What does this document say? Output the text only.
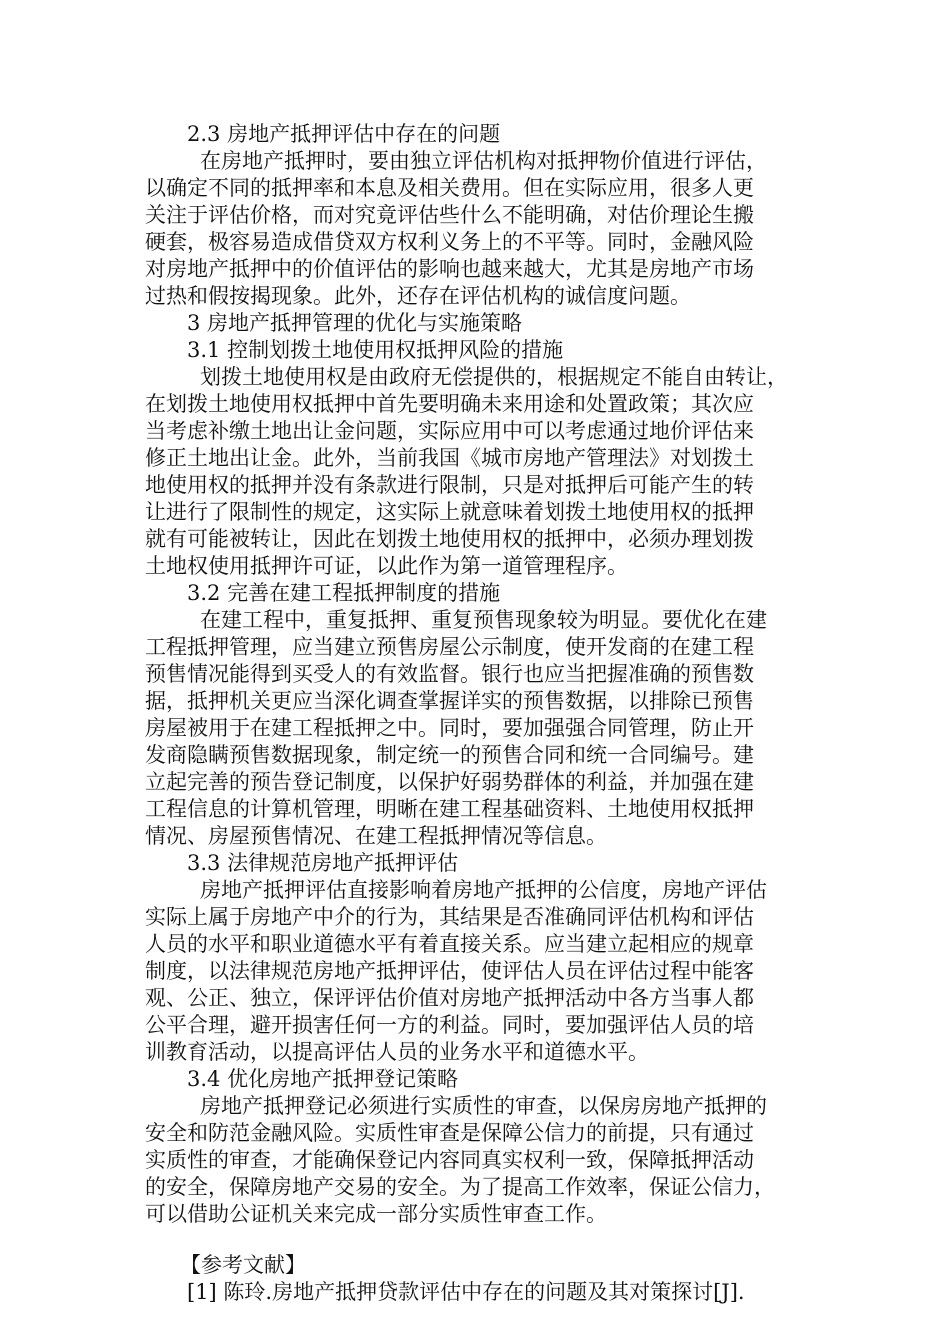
2.3 房地产抵押评估中存在的问题
在房地产抵押时，要由独立评估机构对抵押物价值进行评估，
以确定不同的抵押率和本息及相关费用。但在实际应用，很多人更
关注于评估价格，而对究竟评估些什么不能明确，对估价理论生搬
硬套，极容易造成借贷双方权利义务上的不平等。同时，金融风险
对房地产抵押中的价值评估的影响也越来越大，尤其是房地产市场
过热和假按揭现象。此外，还存在评估机构的诚信度问题。
3 房地产抵押管理的优化与实施策略
3.1 控制划拨土地使用权抵押风险的措施
划拨土地使用权是由政府无偿提供的，根据规定不能自由转让，
在划拨土地使用权抵押中首先要明确未来用途和处置政策；其次应
当考虑补缴土地出让金问题，实际应用中可以考虑通过地价评估来
修正土地出让金。此外，当前我国《城市房地产管理法》对划拨土
地使用权的抵押并没有条款进行限制，只是对抵押后可能产生的转
让进行了限制性的规定，这实际上就意味着划拨土地使用权的抵押
就有可能被转让，因此在划拨土地使用权的抵押中，必须办理划拨
土地权使用抵押许可证，以此作为第一道管理程序。
3.2 完善在建工程抵押制度的措施
在建工程中，重复抵押、重复预售现象较为明显。要优化在建
工程抵押管理，应当建立预售房屋公示制度，使开发商的在建工程
预售情况能得到买受人的有效监督。银行也应当把握准确的预售数
据，抵押机关更应当深化调查掌握详实的预售数据，以排除已预售
房屋被用于在建工程抵押之中。同时，要加强强合同管理，防止开
发商隐瞒预售数据现象，制定统一的预售合同和统一合同编号。建
立起完善的预告登记制度，以保护好弱势群体的利益，并加强在建
工程信息的计算机管理，明晰在建工程基础资料、土地使用权抵押
情况、房屋预售情况、在建工程抵押情况等信息。
3.3 法律规范房地产抵押评估
房地产抵押评估直接影响着房地产抵押的公信度，房地产评估
实际上属于房地产中介的行为，其结果是否准确同评估机构和评估
人员的水平和职业道德水平有着直接关系。应当建立起相应的规章
制度，以法律规范房地产抵押评估，使评估人员在评估过程中能客
观、公正、独立，保评评估价值对房地产抵押活动中各方当事人都
公平合理，避开损害任何一方的利益。同时，要加强评估人员的培
训教育活动，以提高评估人员的业务水平和道德水平。
3.4 优化房地产抵押登记策略
房地产抵押登记必须进行实质性的审查，以保房房地产抵押的
安全和防范金融风险。实质性审查是保障公信力的前提，只有通过
实质性的审查，才能确保登记内容同真实权利一致，保障抵押活动
的安全，保障房地产交易的安全。为了提高工作效率，保证公信力，
可以借助公证机关来完成一部分实质性审查工作。
【参考文献】
[1] 陈玲.房地产抵押贷款评估中存在的问题及其对策探讨[J].
